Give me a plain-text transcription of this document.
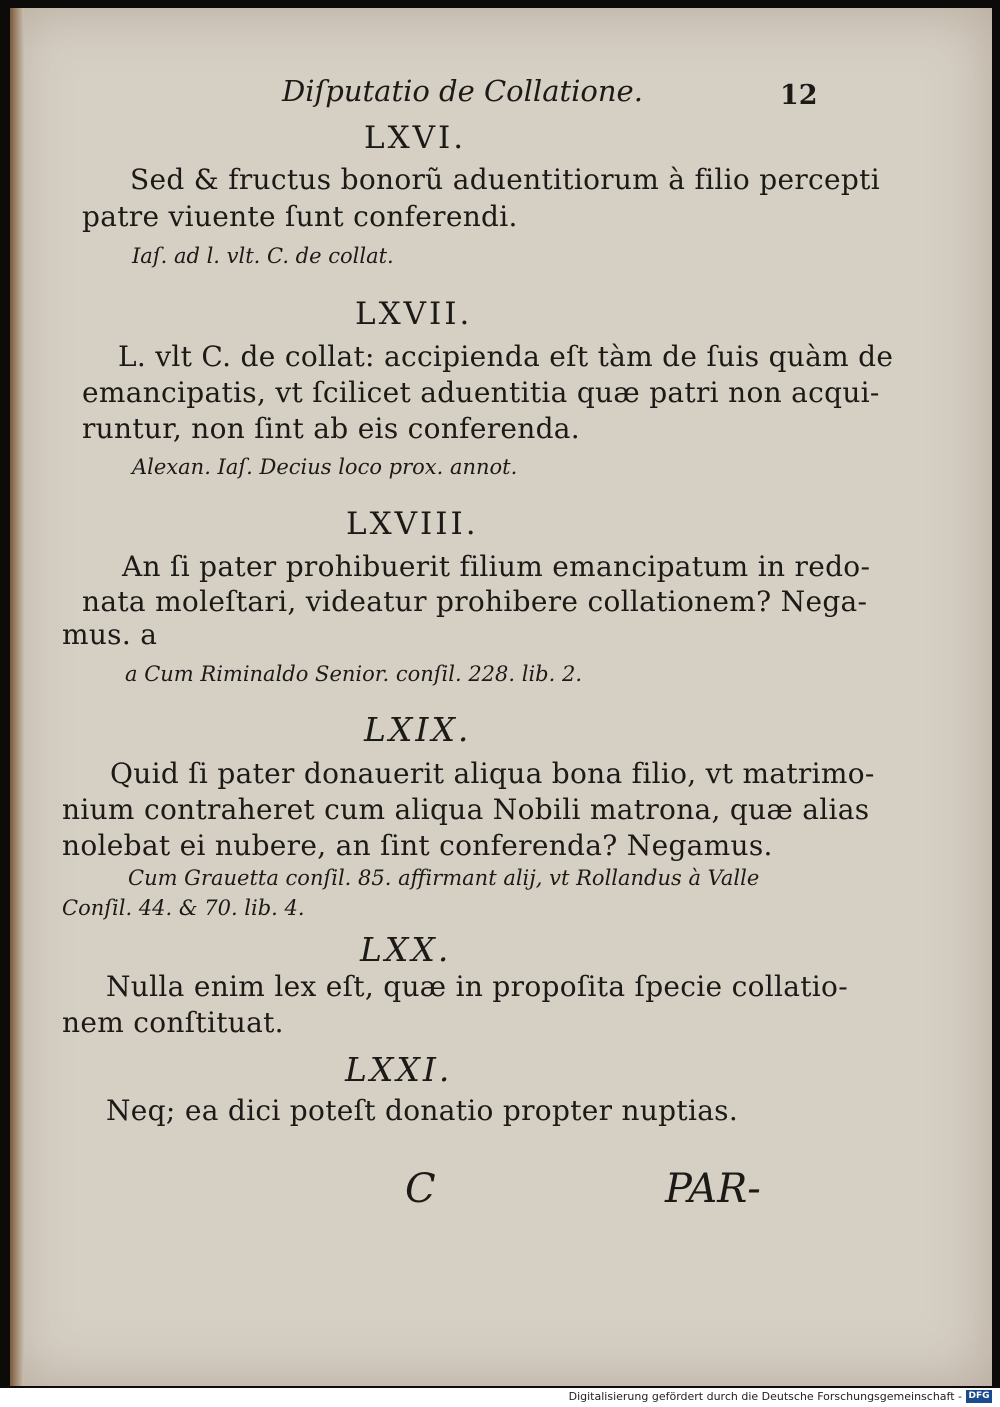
Diſputatio de Collatione.	12
LXVI.
Sed & fructus bonorũ aduentitiorum à filio percepti
patre viuente ſunt conferendi.
Iaſ. ad l. vlt. C. de collat.
LXVII.
L. vlt C. de collat: accipienda eſt tàm de ſuis quàm de
emancipatis, vt ſcilicet aduentitia quæ patri non acqui-
runtur, non ſint ab eis conferenda.
Alexan. Iaſ. Decius loco prox. annot.
LXVIII.
An ſi pater prohibuerit filium emancipatum in redo-
nata moleſtari, videatur prohibere collationem? Nega-
mus. a
a Cum Riminaldo Senior. conſil. 228. lib. 2.
LXIX.
Quid ſi pater donauerit aliqua bona filio, vt matrimo-
nium contraheret cum aliqua Nobili matrona, quæ alias
nolebat ei nubere, an ſint conferenda? Negamus.
Cum Grauetta conſil. 85. affirmant alij, vt Rollandus à Valle
Conſil. 44. & 70. lib. 4.
LXX.
Nulla enim lex eſt, quæ in propoſita ſpecie collatio-
nem conſtituat.
LXXI.
Neq; ea dici poteſt donatio propter nuptias.
C	PAR-
Digitalisierung gefördert durch die Deutsche Forschungsgemeinschaft - DFG
